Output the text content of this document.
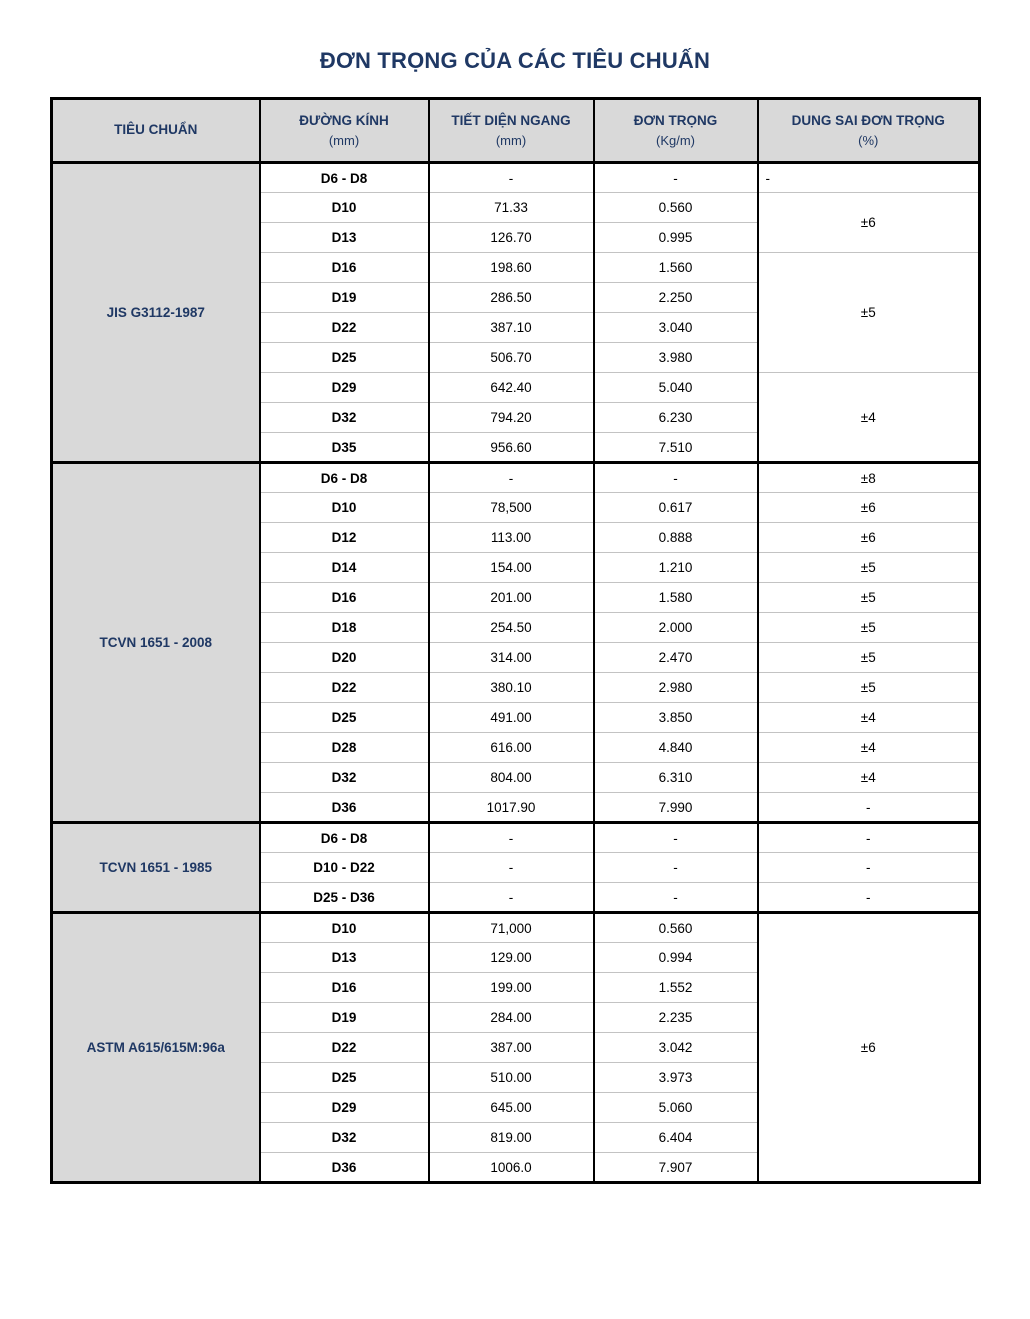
ĐƠN TRỌNG CỦA CÁC TIÊU CHUẤN
TIÊU CHUẨN

ĐƯỜNG KÍNH
(mm)

TIẾT DIỆN NGANG
(mm)

ĐƠN TRỌNG
(Kg/m)

DUNG SAI ĐƠN TRỌNG
(%)

JIS G3112-1987	D6 - D8	-	-	-
	D10	71.33	0.560	±6
	D13	126.70	0.995	
	D16	198.60	1.560	±5
	D19	286.50	2.250	
	D22	387.10	3.040	
	D25	506.70	3.980	
	D29	642.40	5.040	±4
	D32	794.20	6.230	
	D35	956.60	7.510	
TCVN 1651 - 2008	D6 - D8	-	-	±8
	D10	78,500	0.617	±6
	D12	113.00	0.888	±6
	D14	154.00	1.210	±5
	D16	201.00	1.580	±5
	D18	254.50	2.000	±5
	D20	314.00	2.470	±5
	D22	380.10	2.980	±5
	D25	491.00	3.850	±4
	D28	616.00	4.840	±4
	D32	804.00	6.310	±4
	D36	1017.90	7.990	-
TCVN 1651 - 1985	D6 - D8	-	-	-
	D10 - D22	-	-	-
	D25 - D36	-	-	-
ASTM A615/615M:96a	D10	71,000	0.560	±6
	D13	129.00	0.994	
	D16	199.00	1.552	
	D19	284.00	2.235	
	D22	387.00	3.042	
	D25	510.00	3.973	
	D29	645.00	5.060	
	D32	819.00	6.404	
	D36	1006.0	7.907	
